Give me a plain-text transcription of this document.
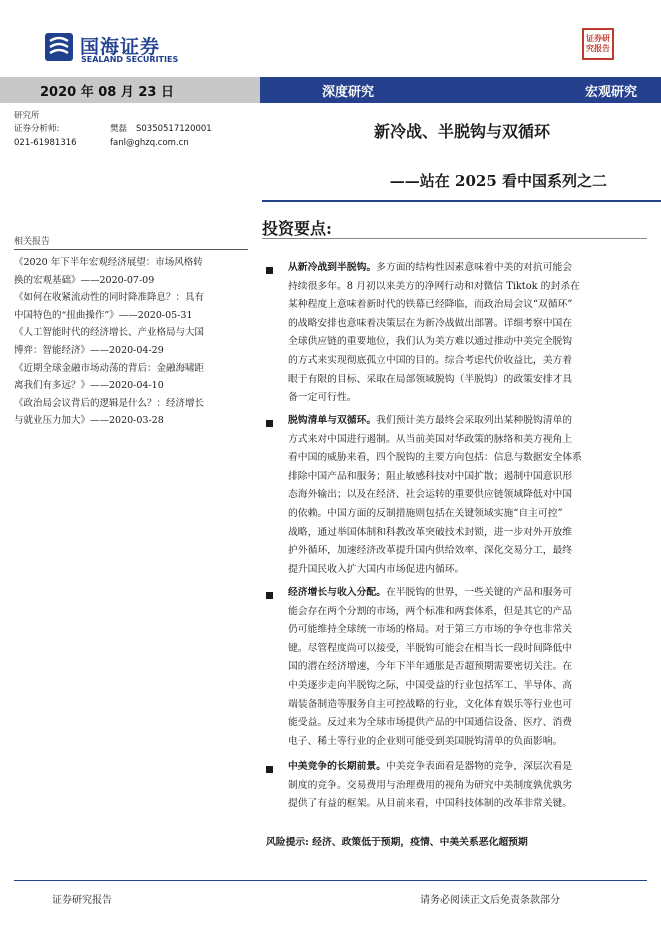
国海证券
SEALAND SECURITIES
证券研究报告
2020 年 08 月 23 日	深度研究	宏观研究
研究所
证券分析师:	樊磊 S0350517120001
021-61981316	fanl@ghzq.com.cn
新冷战、半脱钩与双循环
——站在 2025 看中国系列之二
相关报告
《2020 年下半年宏观经济展望：市场风格转
换的宏观基础》——2020-07-09
《如何在收紧流动性的同时降准降息？：具有
中国特色的“扭曲操作”》——2020-05-31
《人工智能时代的经济增长、产业格局与大国
博弈：智能经济》——2020-04-29
《近期全球金融市场动荡的背后：金融海啸距
离我们有多远？》——2020-04-10
《政治局会议背后的逻辑是什么？：经济增长
与就业压力加大》——2020-03-28
投资要点:
从新冷战到半脱钩。多方面的结构性因素意味着中美的对抗可能会
持续很多年。8 月初以来美方的净网行动和对微信 Tiktok 的封杀在
某种程度上意味着新时代的铁幕已经降临，而政治局会议“双循环”
的战略安排也意味着决策层在为新冷战做出部署。详细考察中国在
全球供应链的重要地位，我们认为美方难以通过推动中美完全脱钩
的方式来实现彻底孤立中国的目的。综合考虑代价收益比，美方着
眼于有限的目标、采取在局部领域脱钩（半脱钩）的政策安排才具
备一定可行性。
脱钩清单与双循环。我们预计美方最终会采取列出某种脱钩清单的
方式来对中国进行遏制。从当前美国对华政策的脉络和美方视角上
看中国的威胁来看，四个脱钩的主要方向包括：信息与数据安全体系
排除中国产品和服务；阻止敏感科技对中国扩散；遏制中国意识形
态海外输出；以及在经济、社会运转的重要供应链领域降低对中国
的依赖。中国方面的反制措施则包括在关键领域实施“自主可控”
战略，通过举国体制和科教改革突破技术封锁，进一步对外开放维
护外循环，加速经济改革提升国内供给效率、深化交易分工，最终
提升国民收入扩大国内市场促进内循环。
经济增长与收入分配。在半脱钩的世界，一些关键的产品和服务可
能会存在两个分割的市场，两个标准和两套体系，但是其它的产品
仍可能维持全球统一市场的格局。对于第三方市场的争夺也非常关
键。尽管程度尚可以接受，半脱钩可能会在相当长一段时间降低中
国的潜在经济增速，今年下半年通胀是否超预期需要密切关注。在
中美逐步走向半脱钩之际，中国受益的行业包括军工、半导体、高
端装备制造等服务自主可控战略的行业，文化体育娱乐等行业也可
能受益。反过来为全球市场提供产品的中国通信设备、医疗、消费
电子、稀土等行业的企业则可能受到美国脱钩清单的负面影响。
中美竞争的长期前景。中美竞争表面看是器物的竞争，深层次看是
制度的竞争。交易费用与治理费用的视角为研究中美制度孰优孰劣
提供了有益的框架。从目前来看，中国科技体制的改革非常关键。
风险提示: 经济、政策低于预期，疫情、中美关系恶化超预期
证券研究报告	请务必阅读正文后免责条款部分
